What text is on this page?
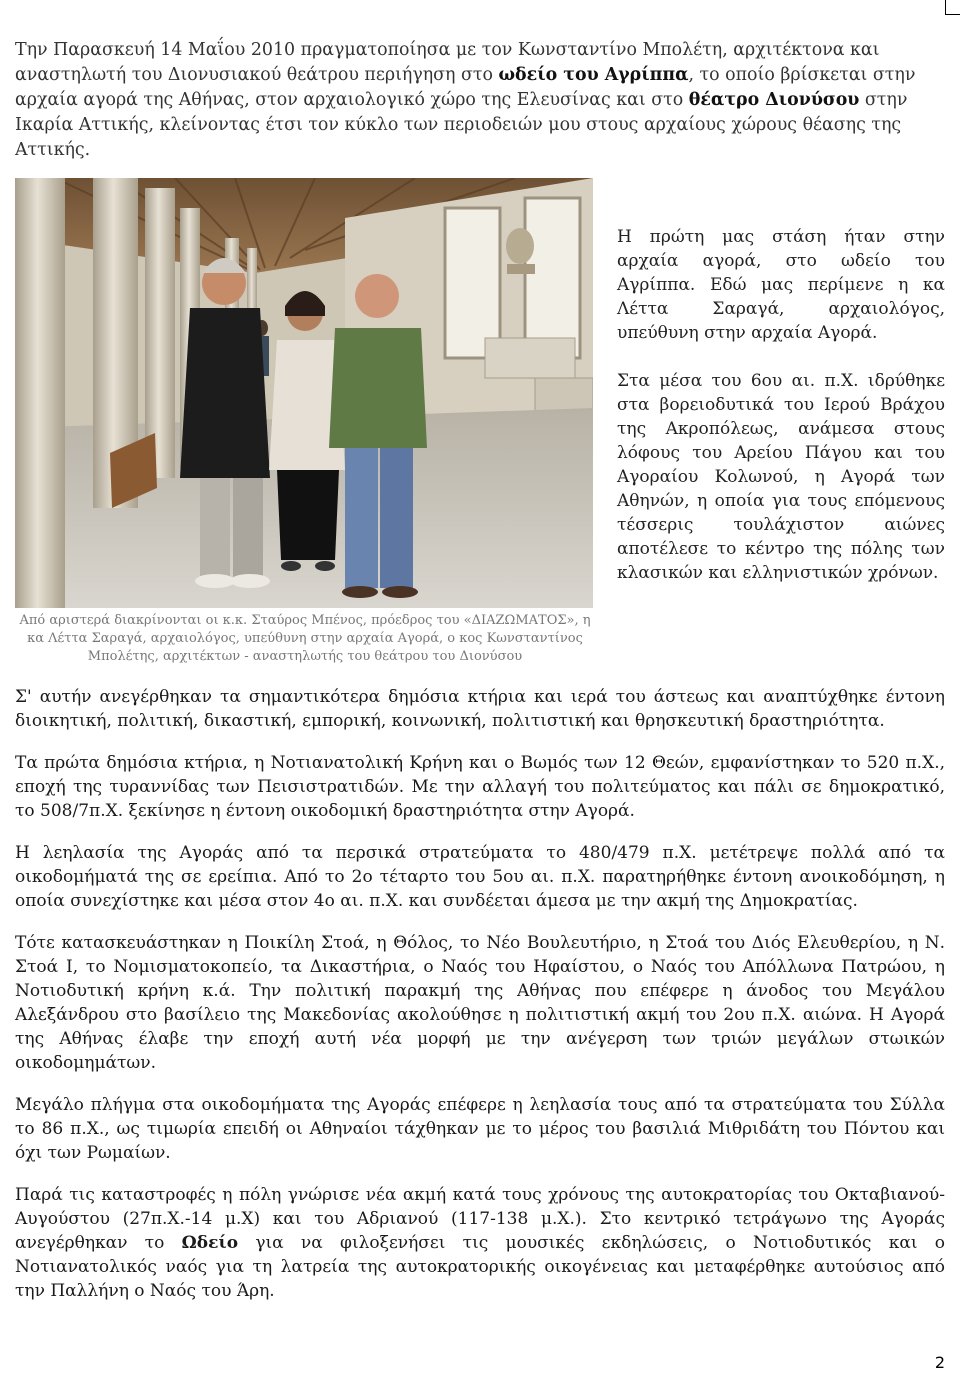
Την Παρασκευή 14 Μαΐου 2010 πραγματοποίησα με τον Κωνσταντίνο Μπολέτη, αρχιτέκτονα και αναστηλωτή του Διονυσιακού θεάτρου περιήγηση στο ωδείο του Αγρίππα, το οποίο βρίσκεται στην αρχαία αγορά της Αθήνας, στον αρχαιολογικό χώρο της Ελευσίνας και στο θέατρο Διονύσου στην Ικαρία Αττικής, κλείνοντας έτσι τον κύκλο των περιοδειών μου στους αρχαίους χώρους θέασης της Αττικής.

Η πρώτη μας στάση ήταν στην αρχαία αγορά, στο ωδείο του Αγρίππα. Εδώ μας περίμενε η κα Λέττα Σαραγά, αρχαιολόγος, υπεύθυνη στην αρχαία Αγορά.

Στα μέσα του 6ου αι. π.Χ. ιδρύθηκε στα βορειοδυτικά του Ιερού Βράχου της Ακροπόλεως, ανάμεσα στους λόφους του Αρείου Πάγου και του Αγοραίου Κολωνού, η Αγορά των Αθηνών, η οποία για τους επόμενους τέσσερις τουλάχιστον αιώνες αποτέλεσε το κέντρο της πόλης των κλασικών και ελληνιστικών χρόνων.

Από αριστερά διακρίνονται οι κ.κ. Σταύρος Μπένος, πρόεδρος του «ΔΙΑΖΩΜΑΤΟΣ», η κα Λέττα Σαραγά, αρχαιολόγος, υπεύθυνη στην αρχαία Αγορά, ο κος Κωνσταντίνος Μπολέτης, αρχιτέκτων - αναστηλωτής του θεάτρου του Διονύσου

Σ' αυτήν ανεγέρθηκαν τα σημαντικότερα δημόσια κτήρια και ιερά του άστεως και αναπτύχθηκε έντονη διοικητική, πολιτική, δικαστική, εμπορική, κοινωνική, πολιτιστική και θρησκευτική δραστηριότητα.

Τα πρώτα δημόσια κτήρια, η Νοτιανατολική Κρήνη και ο Βωμός των 12 Θεών, εμφανίστηκαν το 520 π.Χ., εποχή της τυραννίδας των Πεισιστρατιδών. Με την αλλαγή του πολιτεύματος και πάλι σε δημοκρατικό, το 508/7π.Χ. ξεκίνησε η έντονη οικοδομική δραστηριότητα στην Αγορά.

Η λεηλασία της Αγοράς από τα περσικά στρατεύματα το 480/479 π.Χ. μετέτρεψε πολλά από τα οικοδομήματά της σε ερείπια. Από το 2ο τέταρτο του 5ου αι. π.Χ. παρατηρήθηκε έντονη ανοικοδόμηση, η οποία συνεχίστηκε και μέσα στον 4ο αι. π.Χ. και συνδέεται άμεσα με την ακμή της Δημοκρατίας.

Τότε κατασκευάστηκαν η Ποικίλη Στοά, η Θόλος, το Νέο Βουλευτήριο, η Στοά του Διός Ελευθερίου, η Ν. Στοά Ι, το Νομισματοκοπείο, τα Δικαστήρια, ο Ναός του Ηφαίστου, ο Ναός του Απόλλωνα Πατρώου, η Νοτιοδυτική κρήνη κ.ά. Την πολιτική παρακμή της Αθήνας που επέφερε η άνοδος του Μεγάλου Αλεξάνδρου στο βασίλειο της Μακεδονίας ακολούθησε η πολιτιστική ακμή του 2ου π.Χ. αιώνα. Η Αγορά της Αθήνας έλαβε την εποχή αυτή νέα μορφή με την ανέγερση των τριών μεγάλων στωικών οικοδομημάτων.

Μεγάλο πλήγμα στα οικοδομήματα της Αγοράς επέφερε η λεηλασία τους από τα στρατεύματα του Σύλλα το 86 π.Χ., ως τιμωρία επειδή οι Αθηναίοι τάχθηκαν με το μέρος του βασιλιά Μιθριδάτη του Πόντου και όχι των Ρωμαίων.

Παρά τις καταστροφές η πόλη γνώρισε νέα ακμή κατά τους χρόνους της αυτοκρατορίας του Οκταβιανού-Αυγούστου (27π.Χ.-14 μ.Χ) και του Αδριανού (117-138 μ.Χ.). Στο κεντρικό τετράγωνο της Αγοράς ανεγέρθηκαν το Ωδείο για να φιλοξενήσει τις μουσικές εκδηλώσεις, ο Νοτιοδυτικός και ο Νοτιανατολικός ναός για τη λατρεία της αυτοκρατορικής οικογένειας και μεταφέρθηκε αυτούσιος από την Παλλήνη ο Ναός του Άρη.

2
